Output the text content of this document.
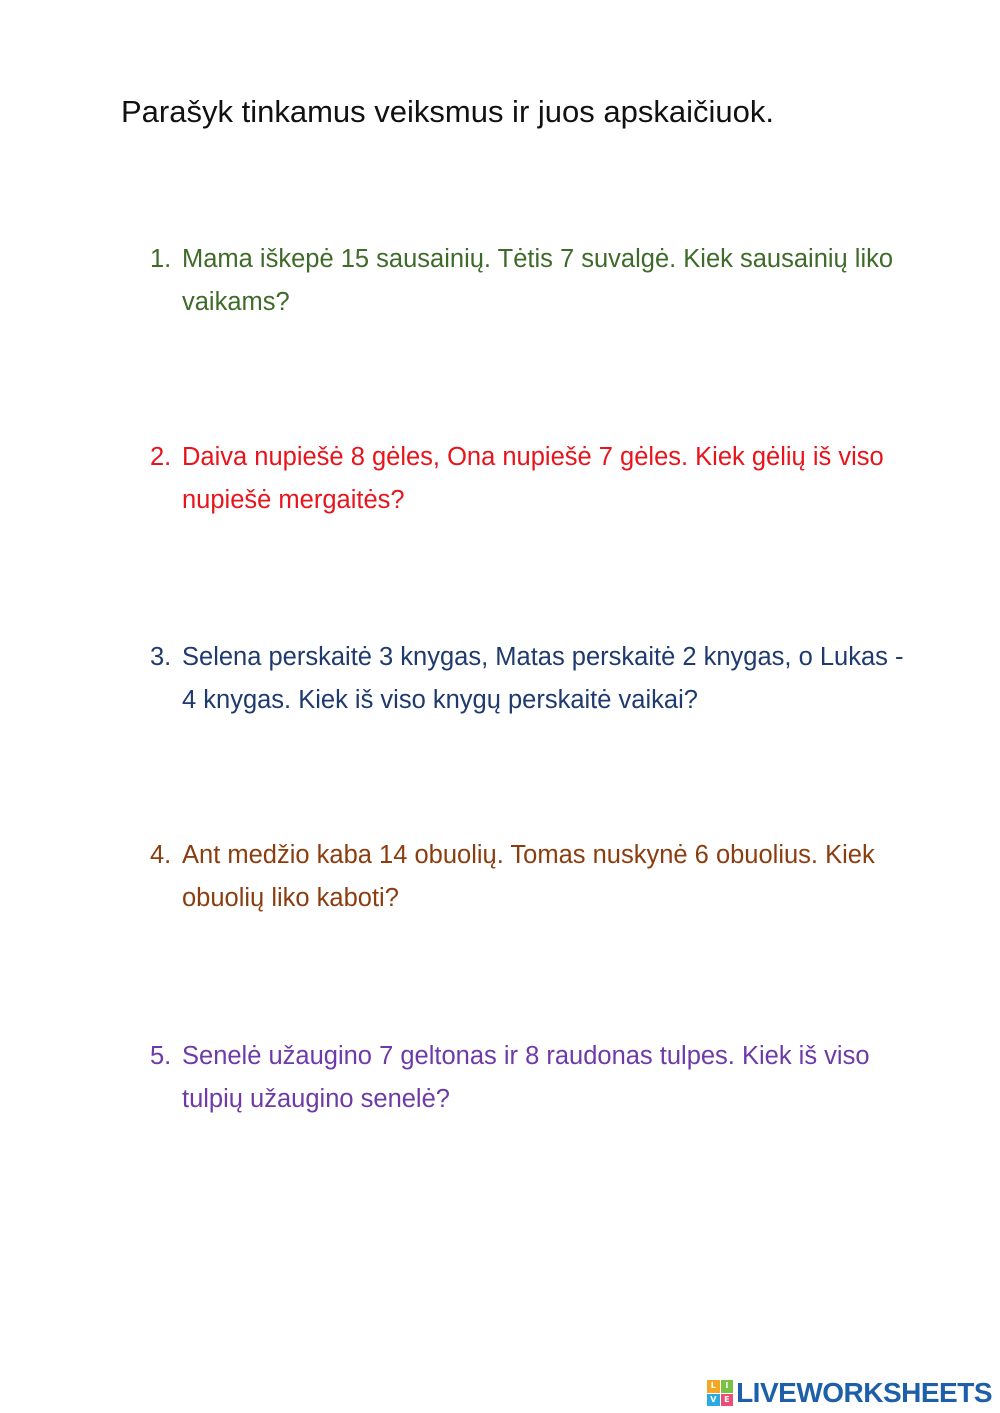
Parašyk tinkamus veiksmus ir juos apskaičiuok.
1. Mama iškepė 15 sausainių. Tėtis 7 suvalgė. Kiek sausainių liko vaikams?
2. Daiva nupiešė 8 gėles, Ona nupiešė 7 gėles. Kiek gėlių iš viso nupiešė mergaitės?
3. Selena perskaitė 3 knygas, Matas perskaitė 2 knygas, o Lukas - 4 knygas. Kiek iš viso knygų perskaitė vaikai?
4. Ant medžio kaba 14 obuolių. Tomas nuskynė 6 obuolius. Kiek obuolių liko kaboti?
5. Senelė užaugino 7 geltonas ir 8 raudonas tulpes. Kiek iš viso tulpių užaugino senelė?
L	I
V E LIVEWORKSHEETS
